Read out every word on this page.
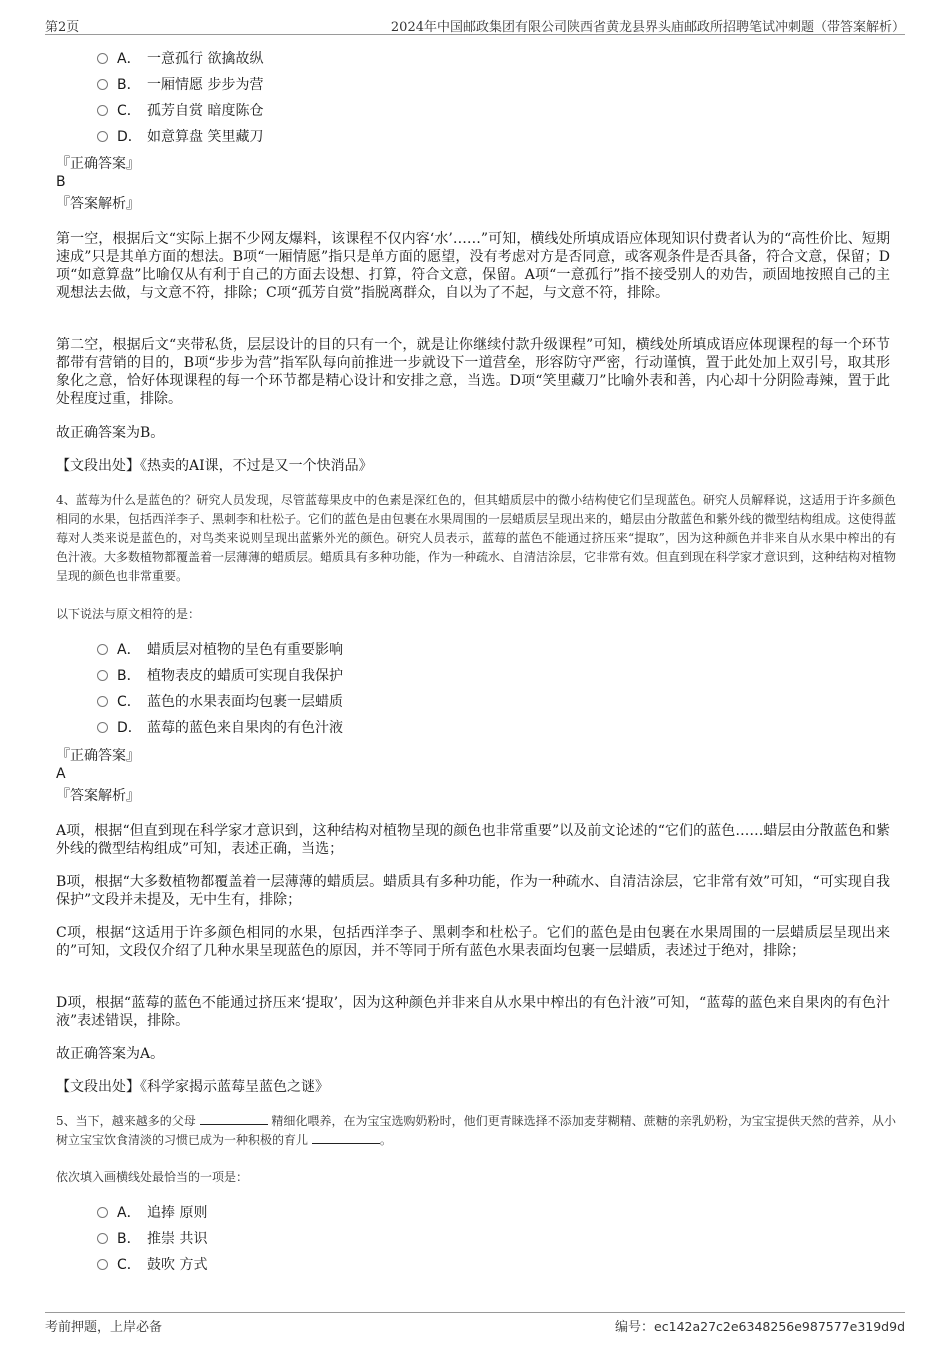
第2页	2024年中国邮政集团有限公司陕西省黄龙县界头庙邮政所招聘笔试冲刺题（带答案解析）
A． 一意孤行 欲擒故纵
B． 一厢情愿 步步为营
C． 孤芳自赏 暗度陈仓
D． 如意算盘 笑里藏刀
『正确答案』
B
『答案解析』
第一空，根据后文“实际上据不少网友爆料，该课程不仅内容‘水’……”可知，横线处所填成语应体现知识付费者认为的“高性价比、短期速成”只是其单方面的想法。B项“一厢情愿”指只是单方面的愿望，没有考虑对方是否同意，或客观条件是否具备，符合文意，保留；D项“如意算盘”比喻仅从有利于自己的方面去设想、打算，符合文意，保留。A项“一意孤行”指不接受别人的劝告，顽固地按照自己的主观想法去做，与文意不符，排除；C项“孤芳自赏”指脱离群众，自以为了不起，与文意不符，排除。
第二空，根据后文“夹带私货，层层设计的目的只有一个，就是让你继续付款升级课程”可知，横线处所填成语应体现课程的每一个环节都带有营销的目的，B项“步步为营”指军队每向前推进一步就设下一道营垒，形容防守严密，行动谨慎，置于此处加上双引号，取其形象化之意，恰好体现课程的每一个环节都是精心设计和安排之意，当选。D项“笑里藏刀”比喻外表和善，内心却十分阴险毒辣，置于此处程度过重，排除。
故正确答案为B。
【文段出处】《热卖的AI课，不过是又一个快消品》
4、蓝莓为什么是蓝色的？研究人员发现，尽管蓝莓果皮中的色素是深红色的，但其蜡质层中的微小结构使它们呈现蓝色。研究人员解释说，这适用于许多颜色相同的水果，包括西洋李子、黑刺李和杜松子。它们的蓝色是由包裹在水果周围的一层蜡质层呈现出来的，蜡层由分散蓝色和紫外线的微型结构组成。这使得蓝莓对人类来说是蓝色的，对鸟类来说则呈现出蓝紫外光的颜色。研究人员表示，蓝莓的蓝色不能通过挤压来“提取”，因为这种颜色并非来自从水果中榨出的有色汁液。大多数植物都覆盖着一层薄薄的蜡质层。蜡质具有多种功能，作为一种疏水、自清洁涂层，它非常有效。但直到现在科学家才意识到，这种结构对植物呈现的颜色也非常重要。
以下说法与原文相符的是：
A． 蜡质层对植物的呈色有重要影响
B． 植物表皮的蜡质可实现自我保护
C． 蓝色的水果表面均包裹一层蜡质
D． 蓝莓的蓝色来自果肉的有色汁液
『正确答案』
A
『答案解析』
A项，根据“但直到现在科学家才意识到，这种结构对植物呈现的颜色也非常重要”以及前文论述的“它们的蓝色……蜡层由分散蓝色和紫外线的微型结构组成”可知，表述正确，当选；
B项，根据“大多数植物都覆盖着一层薄薄的蜡质层。蜡质具有多种功能，作为一种疏水、自清洁涂层，它非常有效”可知，“可实现自我保护”文段并未提及，无中生有，排除；
C项，根据“这适用于许多颜色相同的水果，包括西洋李子、黑刺李和杜松子。它们的蓝色是由包裹在水果周围的一层蜡质层呈现出来的”可知，文段仅介绍了几种水果呈现蓝色的原因，并不等同于所有蓝色水果表面均包裹一层蜡质，表述过于绝对，排除；
D项，根据“蓝莓的蓝色不能通过挤压来‘提取’，因为这种颜色并非来自从水果中榨出的有色汁液”可知，“蓝莓的蓝色来自果肉的有色汁液”表述错误，排除。
故正确答案为A。
【文段出处】《科学家揭示蓝莓呈蓝色之谜》
5、当下，越来越多的父母	精细化喂养，在为宝宝选购奶粉时，他们更青睐选择不添加麦芽糊精、蔗糖的亲乳奶粉，为宝宝提供天然的营养，从小树立宝宝饮食清淡的习惯已成为一种积极的育儿	。
依次填入画横线处最恰当的一项是：
A． 追捧 原则
B． 推崇 共识
C． 鼓吹 方式
考前押题，上岸必备	编号：ec142a27c2e6348256e987577e319d9d
